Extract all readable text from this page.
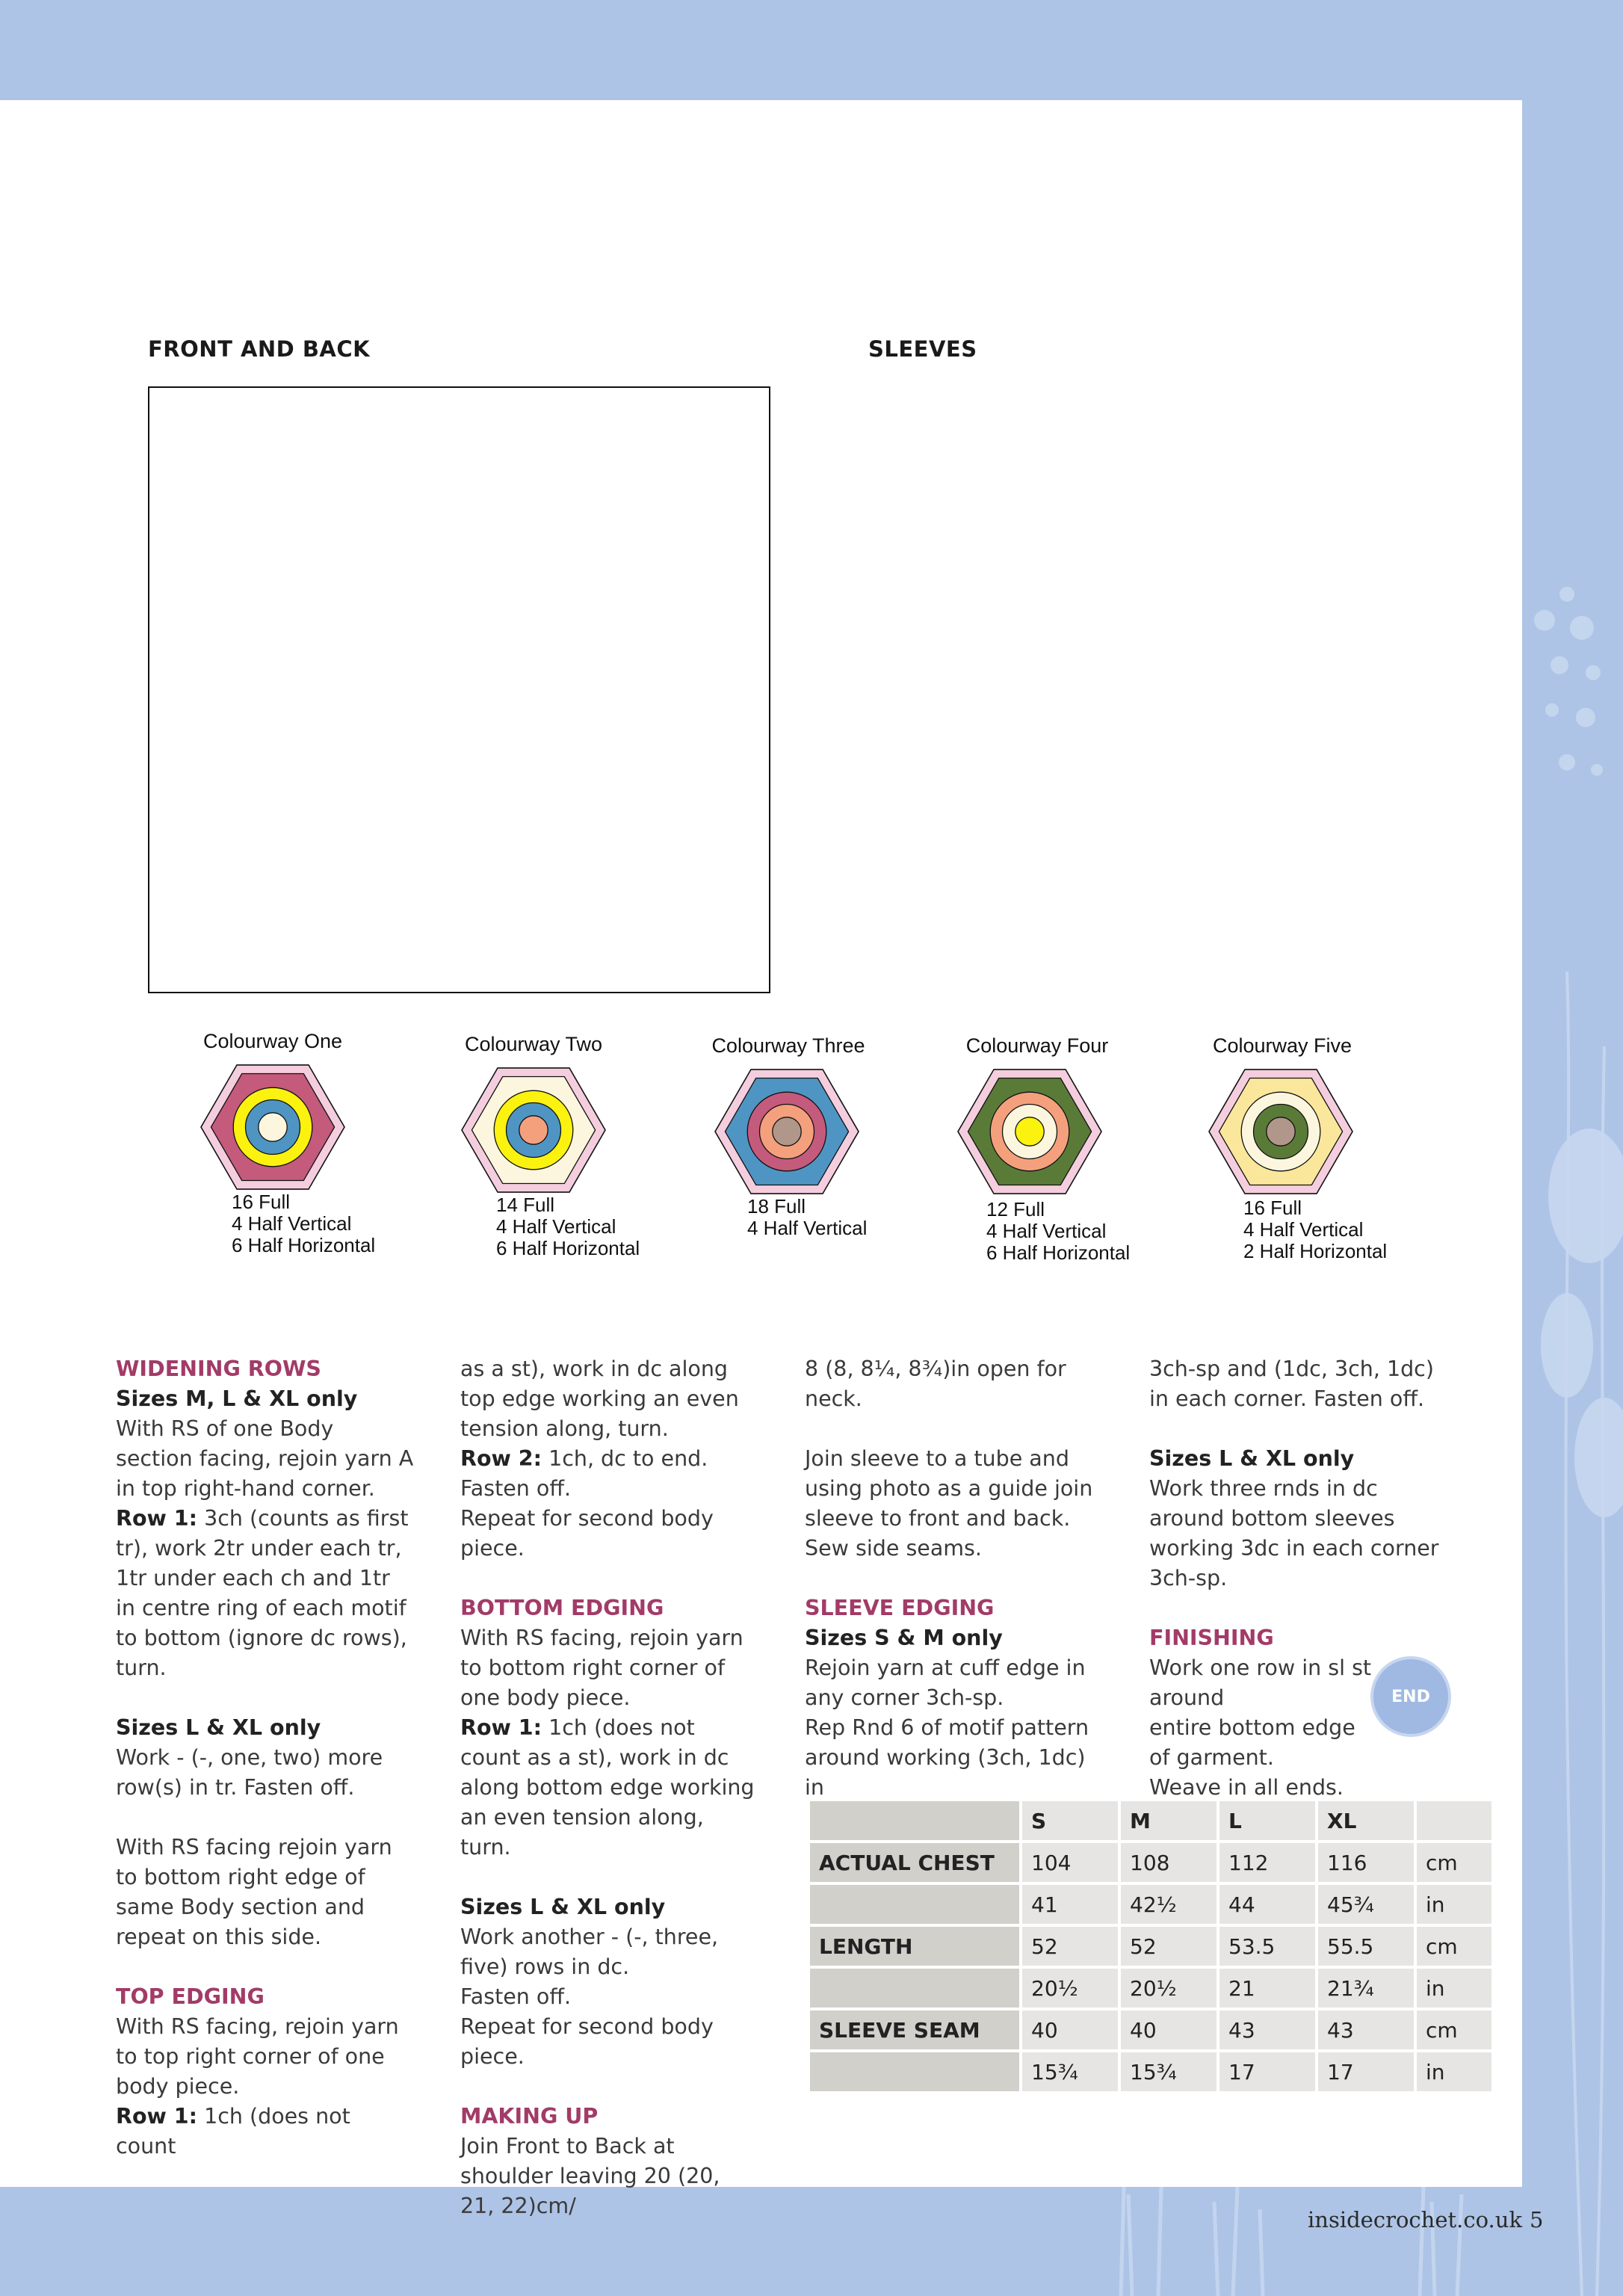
FRONT AND BACK	SLEEVES
Colourway One
16 Full
4 Half Vertical
6 Half Horizontal
Colourway Two
14 Full
4 Half Vertical
6 Half Horizontal
Colourway Three
18 Full
4 Half Vertical
Colourway Four
12 Full
4 Half Vertical
6 Half Horizontal
Colourway Five
16 Full
4 Half Vertical
2 Half Horizontal

WIDENING ROWS

Sizes M, L & XL only

With RS of one Body section facing, rejoin yarn A in top right-hand corner.

Row 1: 3ch (counts as first tr), work 2tr under each tr, 1tr under each ch and 1tr in centre ring of each motif to bottom (ignore dc rows), turn.

Sizes L & XL only

Work - (-, one, two) more row(s) in tr. Fasten off.

With RS facing rejoin yarn to bottom right edge of same Body section and repeat on this side.

TOP EDGING

With RS facing, rejoin yarn to top right corner of one body piece.

Row 1: 1ch (does not count

as a st), work in dc along top edge working an even tension along, turn.

Row 2: 1ch, dc to end.

Fasten off.

Repeat for second body piece.

BOTTOM EDGING

With RS facing, rejoin yarn to bottom right corner of one body piece.

Row 1: 1ch (does not count as a st), work in dc along bottom edge working an even tension along, turn.

Sizes L & XL only

Work another - (-, three, five) rows in dc.

Fasten off.

Repeat for second body piece.

MAKING UP

Join Front to Back at shoulder leaving 20 (20, 21, 22)cm/

8 (8, 8¼, 8¾)in open for neck.

Join sleeve to a tube and using photo as a guide join sleeve to front and back.

Sew side seams.

SLEEVE EDGING

Sizes S & M only

Rejoin yarn at cuff edge in any corner 3ch-sp.

Rep Rnd 6 of motif pattern around working (3ch, 1dc) in

3ch-sp and (1dc, 3ch, 1dc) in each corner. Fasten off.

Sizes L & XL only

Work three rnds in dc around bottom sleeves working 3dc in each corner 3ch-sp.

FINISHING

Work one row in sl st around

entire bottom edge

of garment.

Weave in all ends.

END
	S	M	L	XL	
ACTUAL CHEST	104	108	112	116	cm
	41	42½	44	45¾	in
LENGTH	52	52	53.5	55.5	cm
	20½	20½	21	21¾	in
SLEEVE SEAM	40	40	43	43	cm
	15¾	15¾	17	17	in
insidecrochet.co.uk 5
